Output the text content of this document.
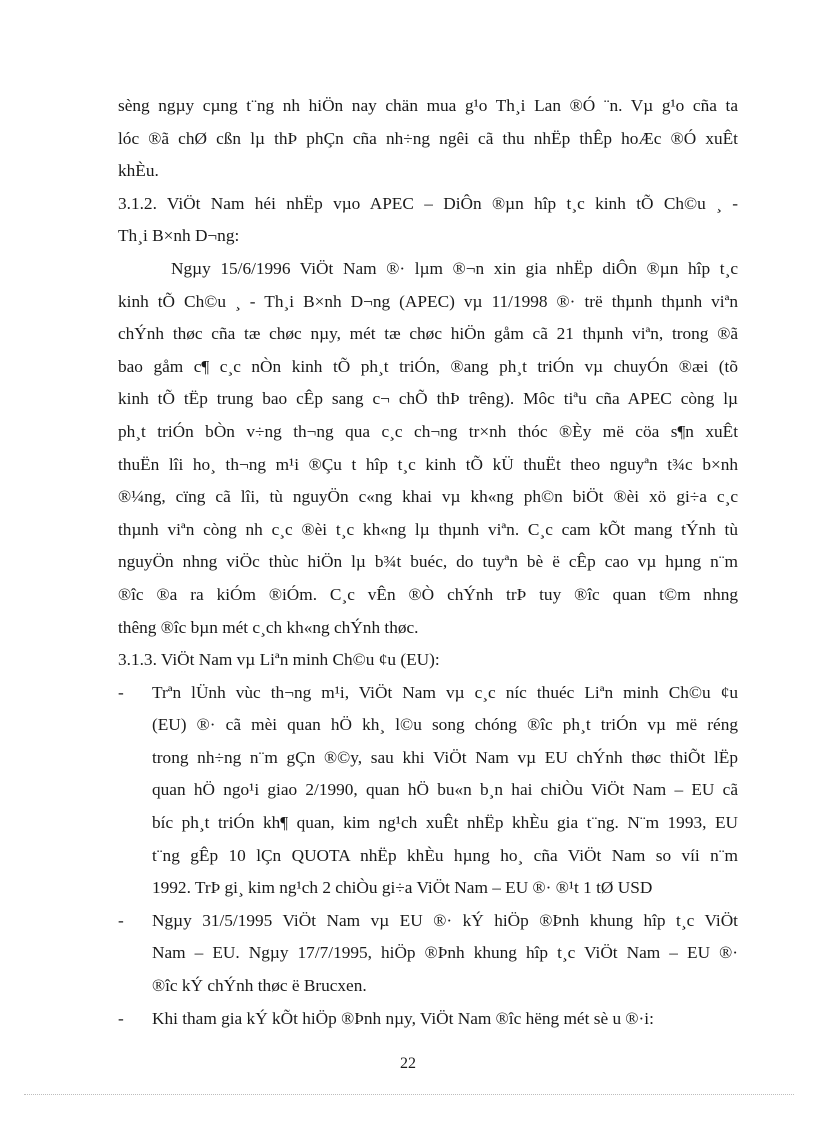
sèng ngµy cµng t¨ng nh hiÖn nay chän mua g¹o Th¸i Lan ®Ó ¨n. Vµ g¹o cña ta
lóc ®ã chØ cßn lµ thÞ phÇn cña nh÷ng ngêi cã thu nhËp thÊp hoÆc ®Ó xuÊt
khÈu.
3.1.2. ViÖt Nam héi nhËp vµo APEC – DiÔn ®µn hîp t¸c kinh tÕ Ch©u ¸ -
Th¸i B×nh D¬ng:
Ngµy 15/6/1996 ViÖt Nam ®· lµm ®¬n xin gia nhËp diÔn ®µn hîp t¸c
kinh tÕ Ch©u ¸ - Th¸i B×nh D¬ng (APEC) vµ 11/1998 ®· trë thµnh thµnh viªn
chÝnh thøc cña tæ chøc nµy, mét tæ chøc hiÖn gåm cã 21 thµnh viªn, trong ®ã
bao gåm c¶ c¸c nÒn kinh tÕ ph¸t triÓn, ®ang ph¸t triÓn vµ chuyÓn ®æi (tõ
kinh tÕ tËp trung bao cÊp sang c¬ chÕ thÞ trêng). Môc tiªu cña APEC còng lµ
ph¸t triÓn bÒn v÷ng th¬ng qua c¸c ch¬ng tr×nh thóc ®Èy më cöa s¶n xuÊt
thuËn lîi ho¸ th¬ng m¹i ®Çu t hîp t¸c kinh tÕ kÜ thuËt theo nguyªn t¾c b×nh
®¼ng, cïng cã lîi, tù nguyÖn c«ng khai vµ kh«ng ph©n biÖt ®èi xö gi÷a c¸c
thµnh viªn còng nh c¸c ®èi t¸c kh«ng lµ thµnh viªn. C¸c cam kÕt mang tÝnh tù
nguyÖn nhng viÖc thùc hiÖn lµ b¾t buéc, do tuyªn bè ë cÊp cao vµ hµng n¨m
®îc ®a ra kiÓm ®iÓm. C¸c vÊn ®Ò chÝnh trÞ tuy ®îc quan t©m nhng
thêng ®îc bµn mét c¸ch kh«ng chÝnh thøc.
3.1.3. ViÖt Nam vµ Liªn minh Ch©u ¢u (EU):
- Trªn lÜnh vùc th¬ng m¹i, ViÖt Nam vµ c¸c níc thuéc Liªn minh Ch©u ¢u
(EU) ®· cã mèi quan hÖ kh¸ l©u song chóng ®îc ph¸t triÓn vµ më réng
trong nh÷ng n¨m gÇn ®©y, sau khi ViÖt Nam vµ EU chÝnh thøc thiÕt lËp
quan hÖ ngo¹i giao 2/1990, quan hÖ bu«n b¸n hai chiÒu ViÖt Nam – EU cã
bíc ph¸t triÓn kh¶ quan, kim ng¹ch xuÊt nhËp khÈu gia t¨ng. N¨m 1993, EU
t¨ng gÊp 10 lÇn QUOTA nhËp khÈu hµng ho¸ cña ViÖt Nam so víi n¨m
1992. TrÞ gi¸ kim ng¹ch 2 chiÒu gi÷a ViÖt Nam – EU ®· ®¹t 1 tØ USD
- Ngµy 31/5/1995 ViÖt Nam vµ EU ®· kÝ hiÖp ®Þnh khung hîp t¸c ViÖt
Nam – EU. Ngµy 17/7/1995, hiÖp ®Þnh khung hîp t¸c ViÖt Nam – EU ®·
®îc kÝ chÝnh thøc ë Brucxen.
- Khi tham gia kÝ kÕt hiÖp ®Þnh nµy, ViÖt Nam ®îc hëng mét sè u ®·i:
22
